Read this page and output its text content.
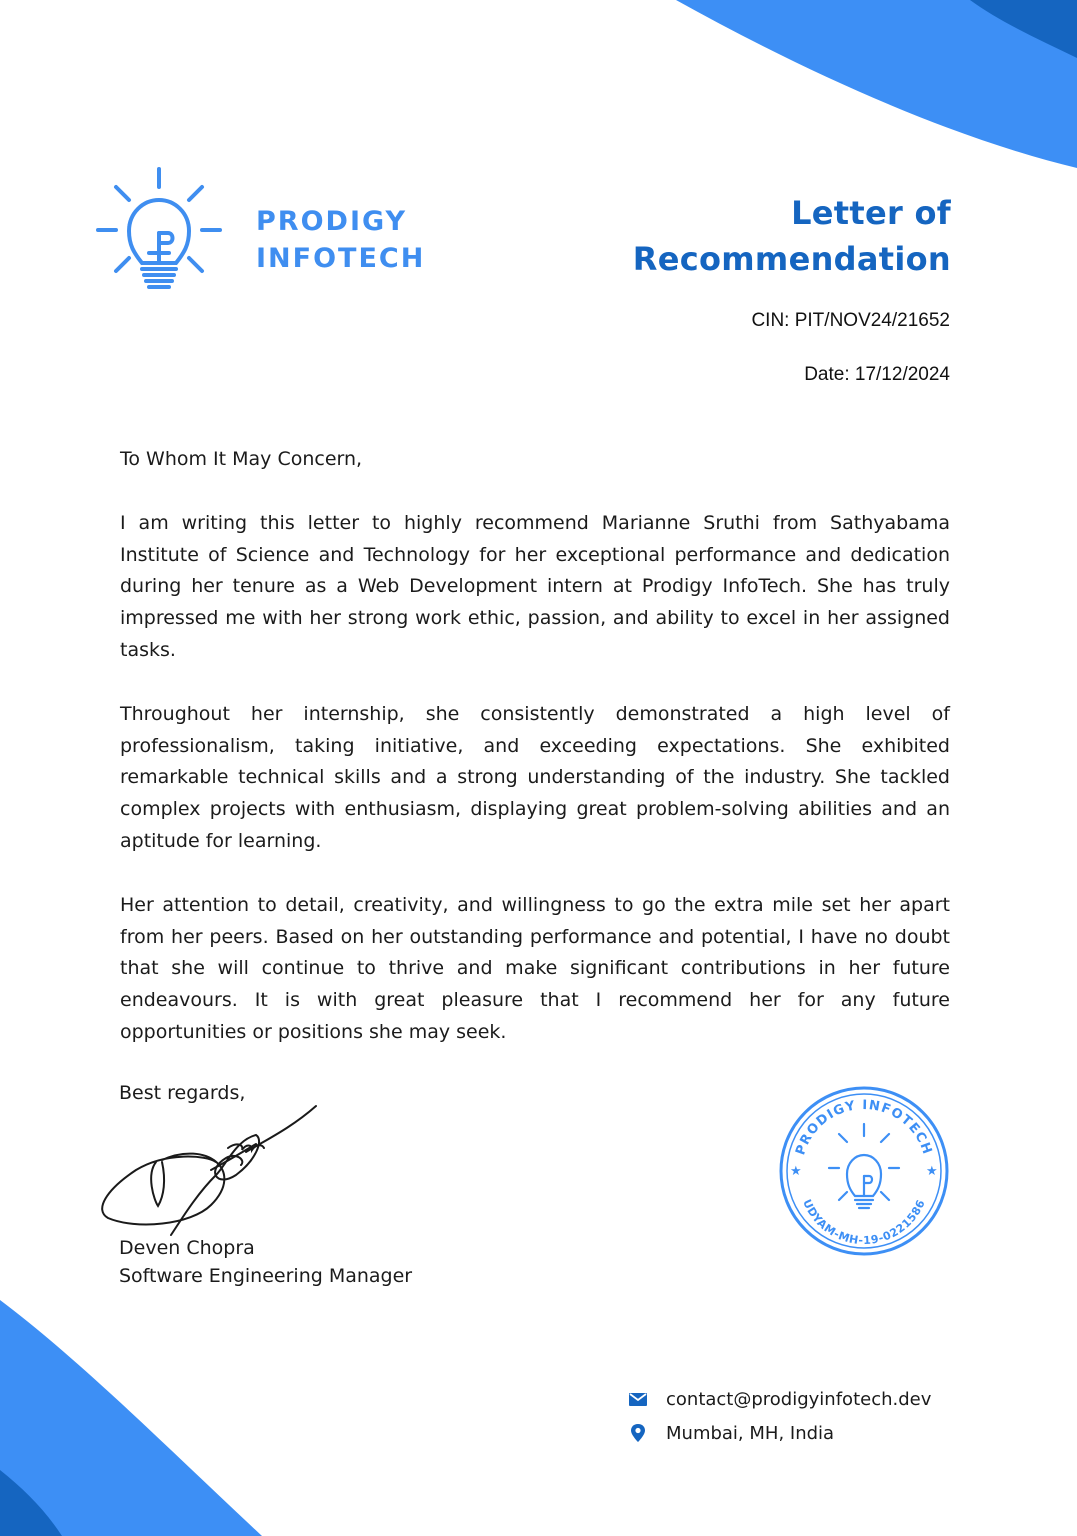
PRODIGY
INFOTECH
Letter of
Recommendation
CIN: PIT/NOV24/21652
Date: 17/12/2024

To Whom It May Concern,

I am writing this letter to highly recommend Marianne Sruthi from Sathyabama Institute of Science and Technology for her exceptional performance and dedication during her tenure as a Web Development intern at Prodigy InfoTech. She has truly impressed me with her strong work ethic, passion, and ability to excel in her assigned tasks.

Throughout her internship, she consistently demonstrated a high level of professionalism, taking initiative, and exceeding expectations. She exhibited remarkable technical skills and a strong understanding of the industry. She tackled complex projects with enthusiasm, displaying great problem-solving abilities and an aptitude for learning.

Her attention to detail, creativity, and willingness to go the extra mile set her apart from her peers. Based on her outstanding performance and potential, I have no doubt that she will continue to thrive and make significant contributions in her future endeavours. It is with great pleasure that I recommend her for any future opportunities or positions she may seek.

Best regards,
Deven Chopra
Software Engineering Manager
PRODIGY INFOTECH
UDYAM-MH-19-0221586
★	★
contact@prodigyinfotech.dev
Mumbai, MH, India
